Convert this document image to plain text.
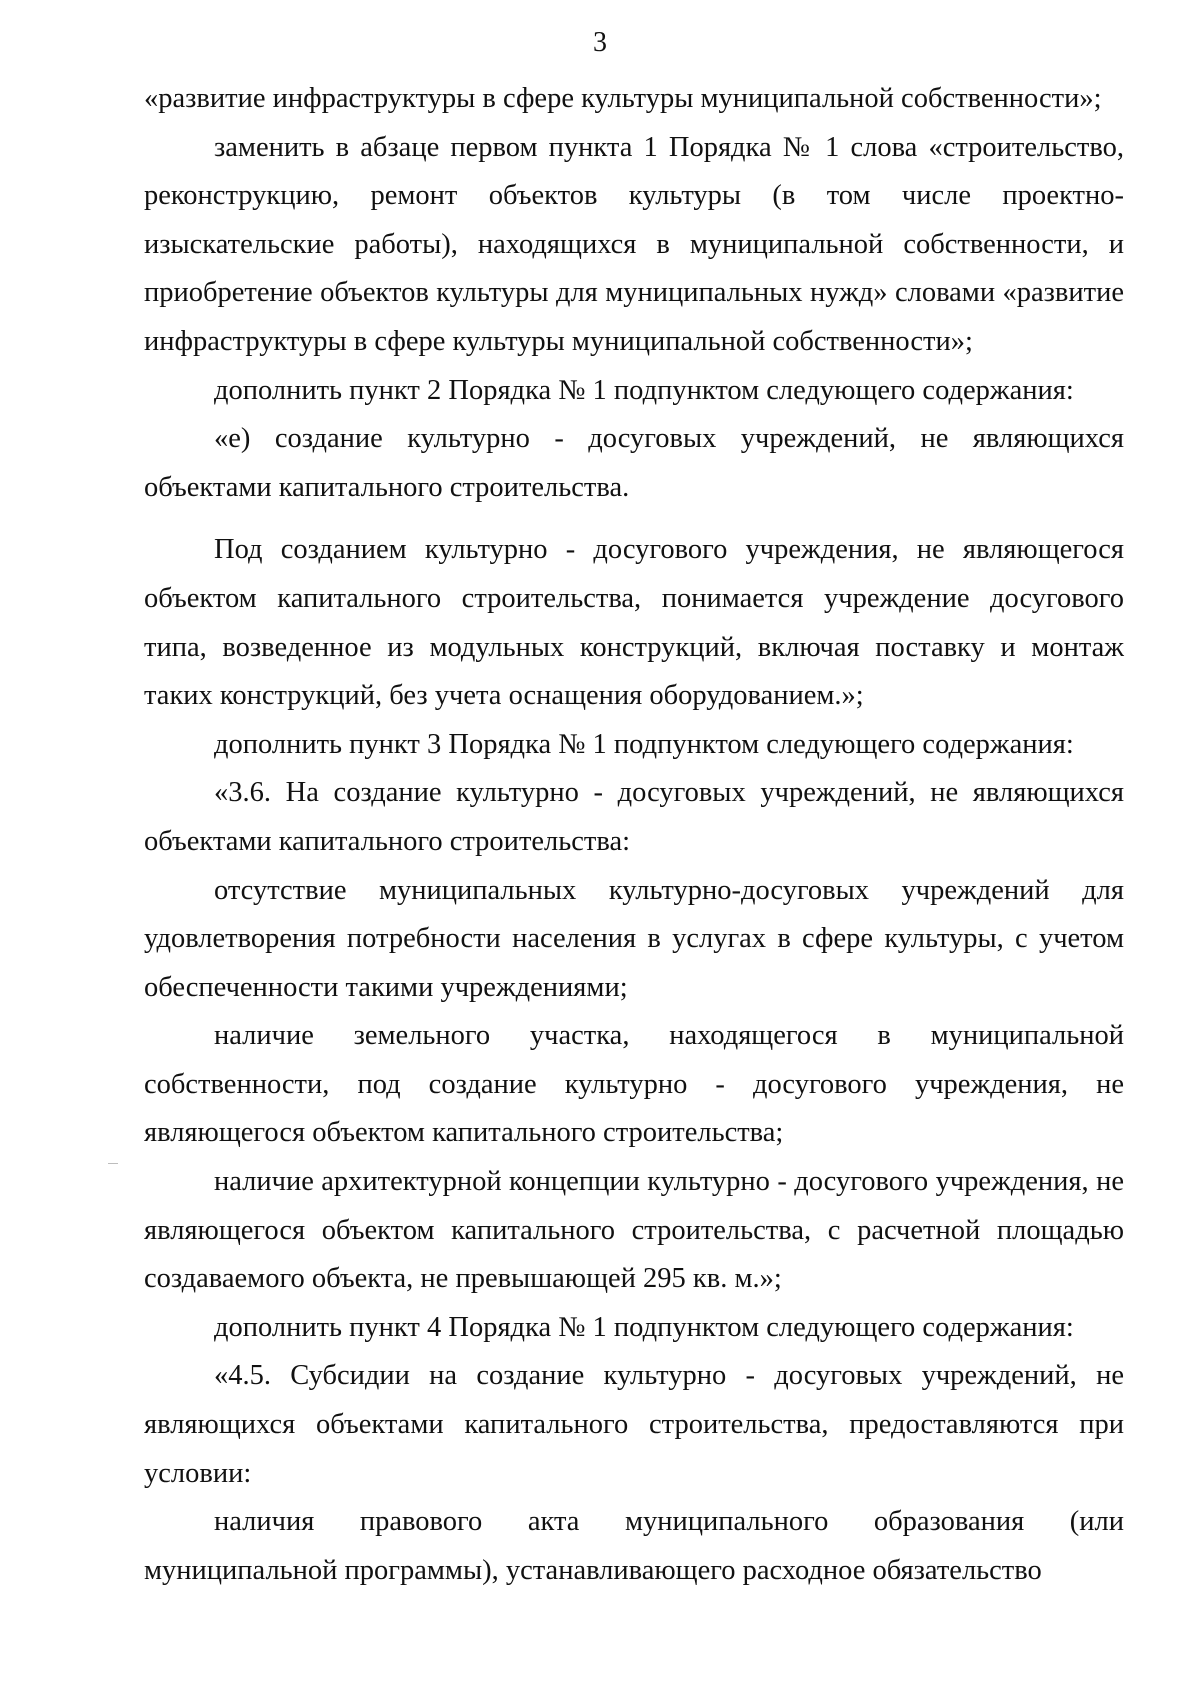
3

«развитие инфраструктуры в сфере культуры муниципальной собственности»;

заменить в абзаце первом пункта 1 Порядка № 1 слова «строительство, реконструкцию, ремонт объектов культуры (в том числе проектно-изыскательские работы), находящихся в муниципальной собственности, и приобретение объектов культуры для муниципальных нужд» словами «развитие инфраструктуры в сфере культуры муниципальной собственности»;

дополнить пункт 2 Порядка № 1 подпунктом следующего содержания:

«е) создание культурно - досуговых учреждений, не являющихся объектами капитального строительства.

Под созданием культурно - досугового учреждения, не являющегося объектом капитального строительства, понимается учреждение досугового типа, возведенное из модульных конструкций, включая поставку и монтаж таких конструкций, без учета оснащения оборудованием.»;

дополнить пункт 3 Порядка № 1 подпунктом следующего содержания:

«3.6. На создание культурно - досуговых учреждений, не являющихся объектами капитального строительства:

отсутствие муниципальных культурно-досуговых учреждений для удовлетворения потребности населения в услугах в сфере культуры, с учетом обеспеченности такими учреждениями;

наличие земельного участка, находящегося в муниципальной собственности, под создание культурно - досугового учреждения, не являющегося объектом капитального строительства;

наличие архитектурной концепции культурно - досугового учреждения, не являющегося объектом капитального строительства, с расчетной площадью создаваемого объекта, не превышающей 295 кв. м.»;

дополнить пункт 4 Порядка № 1 подпунктом следующего содержания:

«4.5. Субсидии на создание культурно - досуговых учреждений, не являющихся объектами капитального строительства, предоставляются при условии:

наличия правового акта муниципального образования (или муниципальной программы), устанавливающего расходное обязательство
